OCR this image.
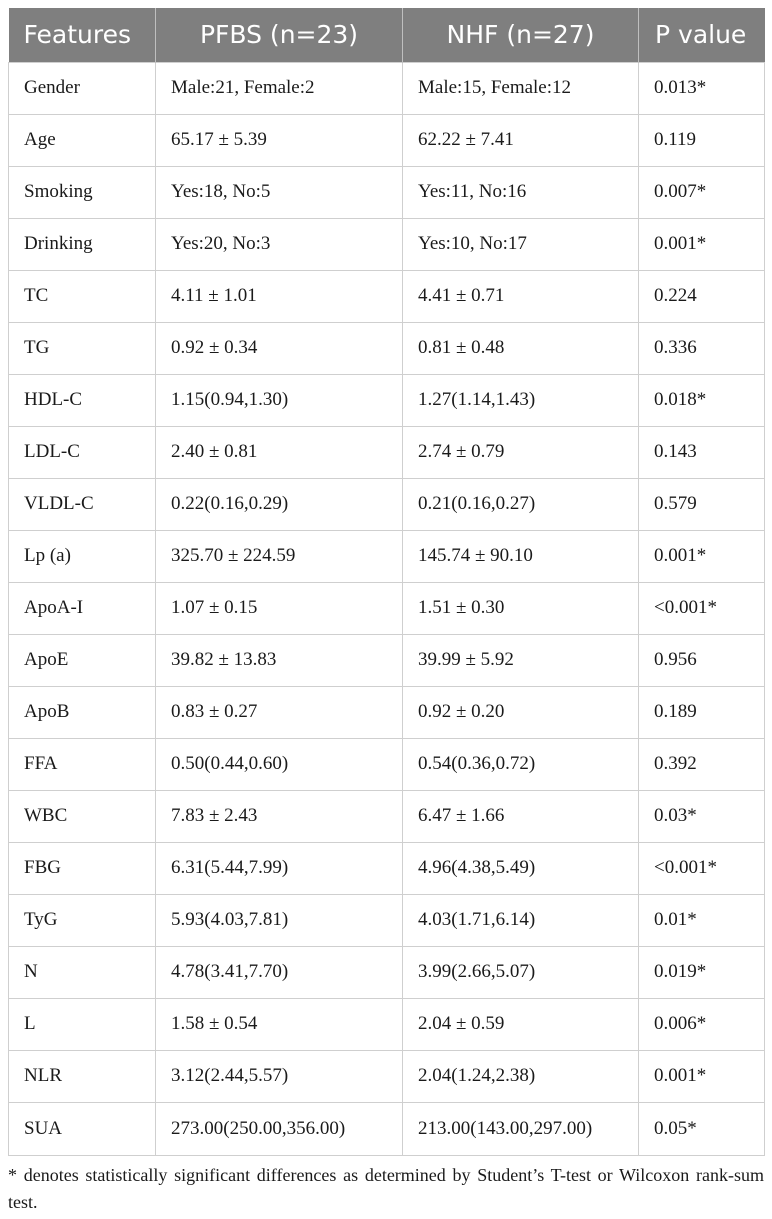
Features	PFBS (n=23)	NHF (n=27)	P value
Gender	Male:21, Female:2	Male:15, Female:12	0.013*
Age	65.17 ± 5.39	62.22 ± 7.41	0.119
Smoking	Yes:18, No:5	Yes:11, No:16	0.007*
Drinking	Yes:20, No:3	Yes:10, No:17	0.001*
TC	4.11 ± 1.01	4.41 ± 0.71	0.224
TG	0.92 ± 0.34	0.81 ± 0.48	0.336
HDL-C	1.15(0.94,1.30)	1.27(1.14,1.43)	0.018*
LDL-C	2.40 ± 0.81	2.74 ± 0.79	0.143
VLDL-C	0.22(0.16,0.29)	0.21(0.16,0.27)	0.579
Lp (a)	325.70 ± 224.59	145.74 ± 90.10	0.001*
ApoA-I	1.07 ± 0.15	1.51 ± 0.30	<0.001*
ApoE	39.82 ± 13.83	39.99 ± 5.92	0.956
ApoB	0.83 ± 0.27	0.92 ± 0.20	0.189
FFA	0.50(0.44,0.60)	0.54(0.36,0.72)	0.392
WBC	7.83 ± 2.43	6.47 ± 1.66	0.03*
FBG	6.31(5.44,7.99)	4.96(4.38,5.49)	<0.001*
TyG	5.93(4.03,7.81)	4.03(1.71,6.14)	0.01*
N	4.78(3.41,7.70)	3.99(2.66,5.07)	0.019*
L	1.58 ± 0.54	2.04 ± 0.59	0.006*
NLR	3.12(2.44,5.57)	2.04(1.24,2.38)	0.001*
SUA	273.00(250.00,356.00)	213.00(143.00,297.00)	0.05*
* denotes statistically significant differences as determined by Student’s T-test or Wilcoxon rank-sum test.
